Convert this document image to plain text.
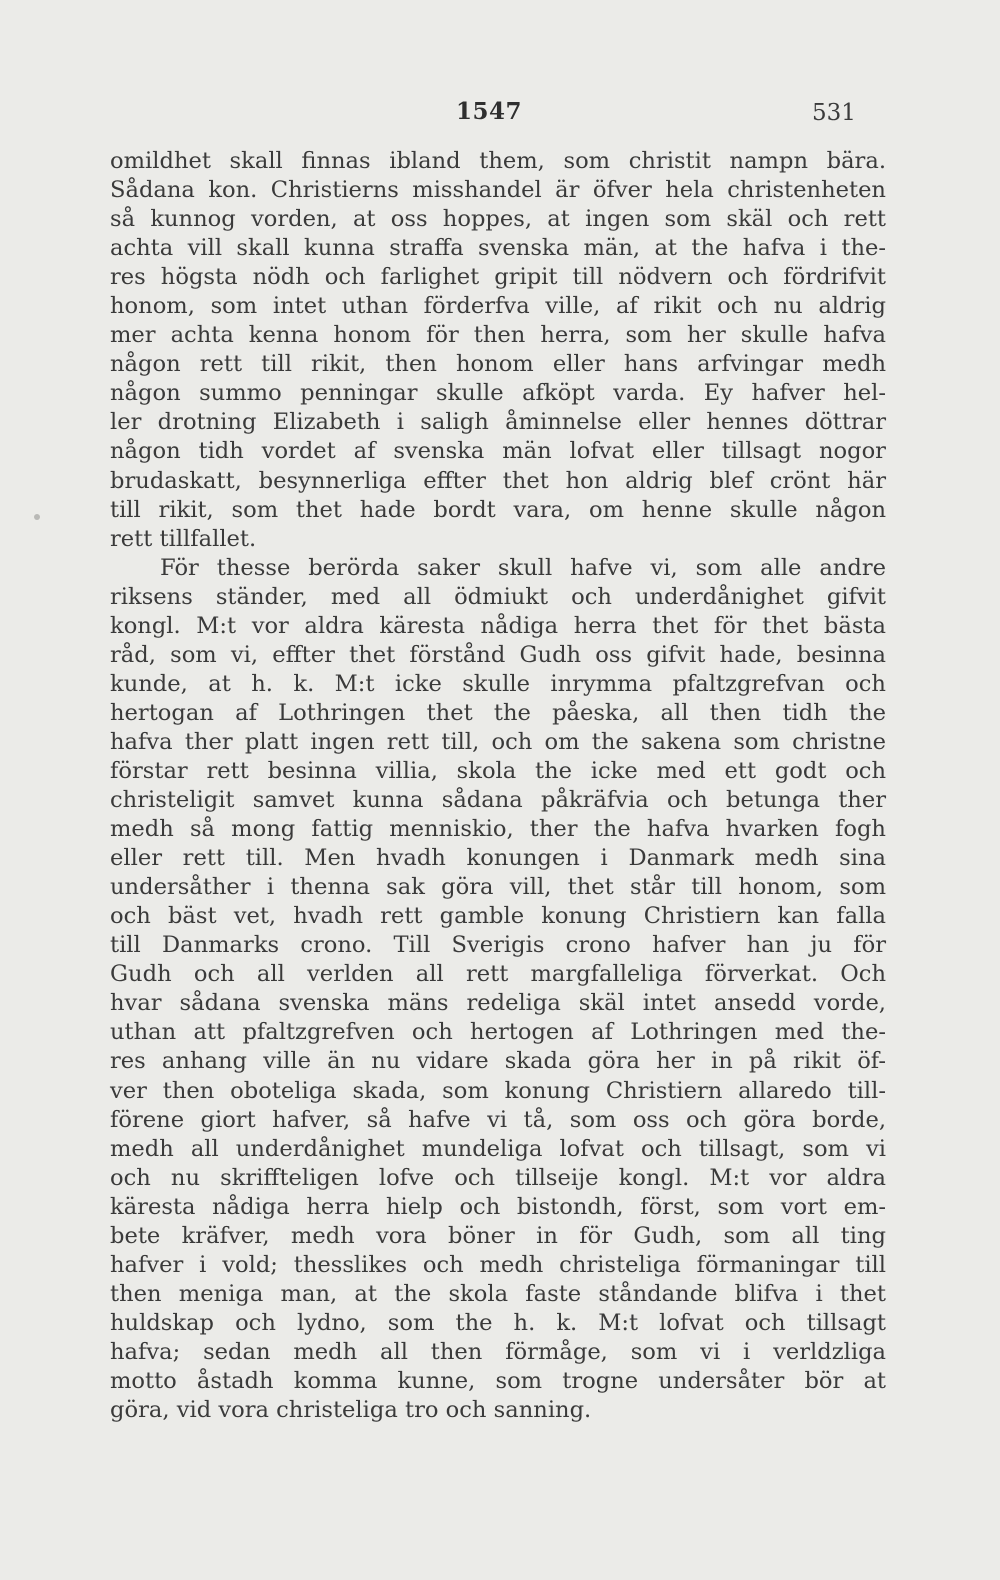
1547	531
omildhet skall finnas ibland them, som christit nampn bära.
Sådana kon. Christierns misshandel är öfver hela christenheten
så kunnog vorden, at oss hoppes, at ingen som skäl och rett
achta vill skall kunna straffa svenska män, at the hafva i the-
res högsta nödh och farlighet gripit till nödvern och fördrifvit
honom, som intet uthan förderfva ville, af rikit och nu aldrig
mer achta kenna honom för then herra, som her skulle hafva
någon rett till rikit, then honom eller hans arfvingar medh
någon summo penningar skulle afköpt varda. Ey hafver hel-
ler drotning Elizabeth i saligh åminnelse eller hennes döttrar
någon tidh vordet af svenska män lofvat eller tillsagt nogor
brudaskatt, besynnerliga effter thet hon aldrig blef crönt här
till rikit, som thet hade bordt vara, om henne skulle någon
rett tillfallet.
För thesse berörda saker skull hafve vi, som alle andre
riksens ständer, med all ödmiukt och underdånighet gifvit
kongl. M:t vor aldra käresta nådiga herra thet för thet bästa
råd, som vi, effter thet förstånd Gudh oss gifvit hade, besinna
kunde, at h. k. M:t icke skulle inrymma pfaltzgrefvan och
hertogan af Lothringen thet the påeska, all then tidh the
hafva ther platt ingen rett till, och om the sakena som christne
förstar rett besinna villia, skola the icke med ett godt och
christeligit samvet kunna sådana påkräfvia och betunga ther
medh så mong fattig menniskio, ther the hafva hvarken fogh
eller rett till. Men hvadh konungen i Danmark medh sina
undersåther i thenna sak göra vill, thet står till honom, som
och bäst vet, hvadh rett gamble konung Christiern kan falla
till Danmarks crono. Till Sverigis crono hafver han ju för
Gudh och all verlden all rett margfalleliga förverkat. Och
hvar sådana svenska mäns redeliga skäl intet ansedd vorde,
uthan att pfaltzgrefven och hertogen af Lothringen med the-
res anhang ville än nu vidare skada göra her in på rikit öf-
ver then oboteliga skada, som konung Christiern allaredo till-
förene giort hafver, så hafve vi tå, som oss och göra borde,
medh all underdånighet mundeliga lofvat och tillsagt, som vi
och nu skriffteligen lofve och tillseije kongl. M:t vor aldra
käresta nådiga herra hielp och bistondh, först, som vort em-
bete kräfver, medh vora böner in för Gudh, som all ting
hafver i vold; thesslikes och medh christeliga förmaningar till
then meniga man, at the skola faste ståndande blifva i thet
huldskap och lydno, som the h. k. M:t lofvat och tillsagt
hafva; sedan medh all then förmåge, som vi i verldzliga
motto åstadh komma kunne, som trogne undersåter bör at
göra, vid vora christeliga tro och sanning.
